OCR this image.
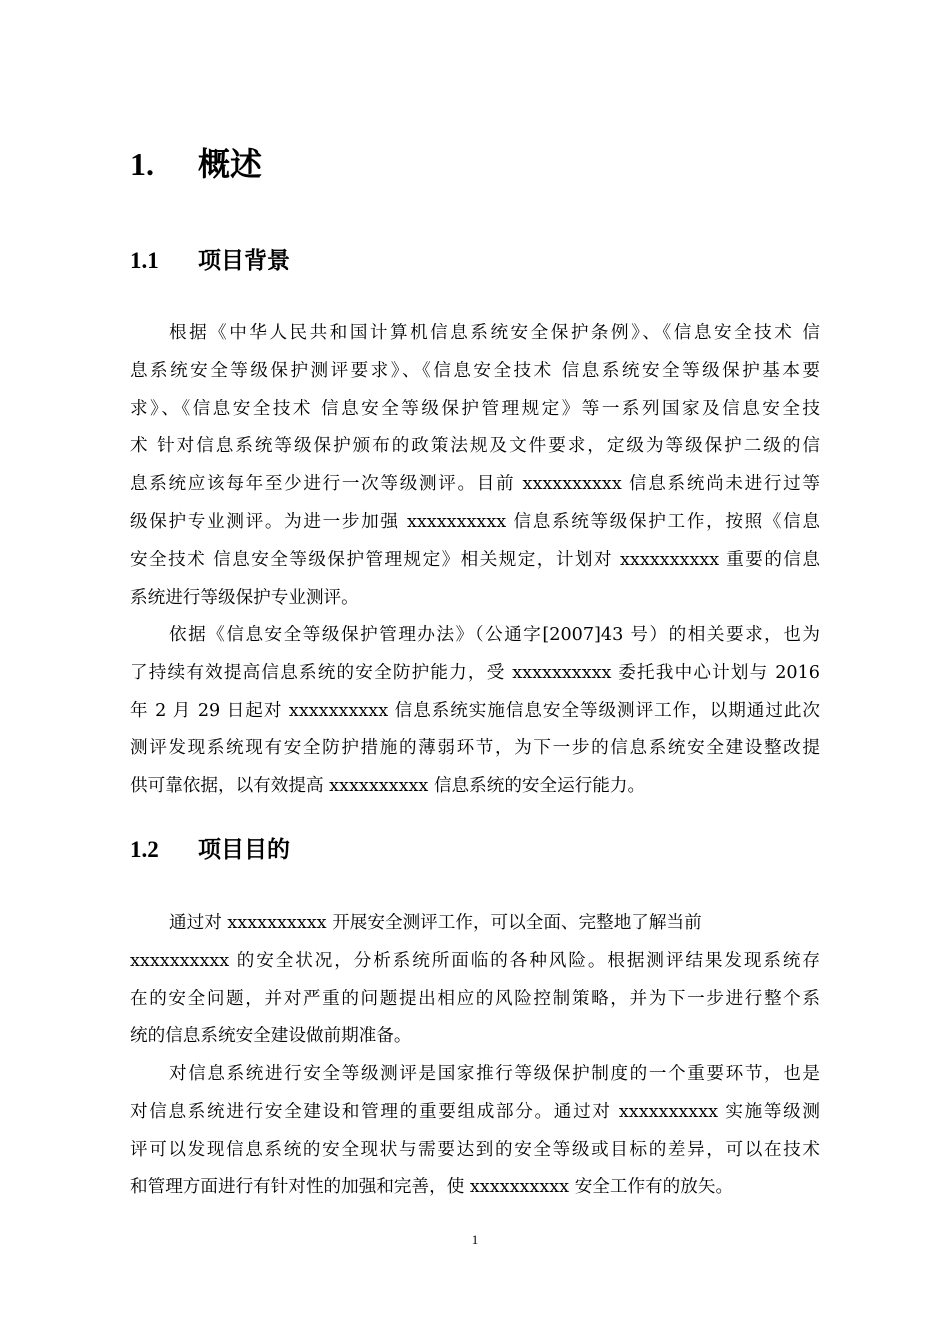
1. 概述
1.1 项目背景
根据《中华人民共和国计算机信息系统安全保护条例》、《信息安全技术 信
息系统安全等级保护测评要求》、《信息安全技术 信息系统安全等级保护基本要
求》、《信息安全技术 信息安全等级保护管理规定》等一系列国家及信息安全技
术 针对信息系统等级保护颁布的政策法规及文件要求，定级为等级保护二级的信
息系统应该每年至少进行一次等级测评。目前 xxxxxxxxxx 信息系统尚未进行过等
级保护专业测评。为进一步加强 xxxxxxxxxx 信息系统等级保护工作，按照《信息
安全技术 信息安全等级保护管理规定》相关规定，计划对 xxxxxxxxxx 重要的信息
系统进行等级保护专业测评。
依据《信息安全等级保护管理办法》（公通字[2007]43 号）的相关要求，也为
了持续有效提高信息系统的安全防护能力，受 xxxxxxxxxx 委托我中心计划与 2016
年 2 月 29 日起对 xxxxxxxxxx 信息系统实施信息安全等级测评工作，以期通过此次
测评发现系统现有安全防护措施的薄弱环节，为下一步的信息系统安全建设整改提
供可靠依据，以有效提高 xxxxxxxxxx 信息系统的安全运行能力。
1.2 项目目的
通过对 xxxxxxxxxx 开展安全测评工作，可以全面、完整地了解当前
xxxxxxxxxx 的安全状况，分析系统所面临的各种风险。根据测评结果发现系统存
在的安全问题，并对严重的问题提出相应的风险控制策略，并为下一步进行整个系
统的信息系统安全建设做前期准备。
对信息系统进行安全等级测评是国家推行等级保护制度的一个重要环节，也是
对信息系统进行安全建设和管理的重要组成部分。通过对 xxxxxxxxxx 实施等级测
评可以发现信息系统的安全现状与需要达到的安全等级或目标的差异，可以在技术
和管理方面进行有针对性的加强和完善，使 xxxxxxxxxx 安全工作有的放矢。
1
